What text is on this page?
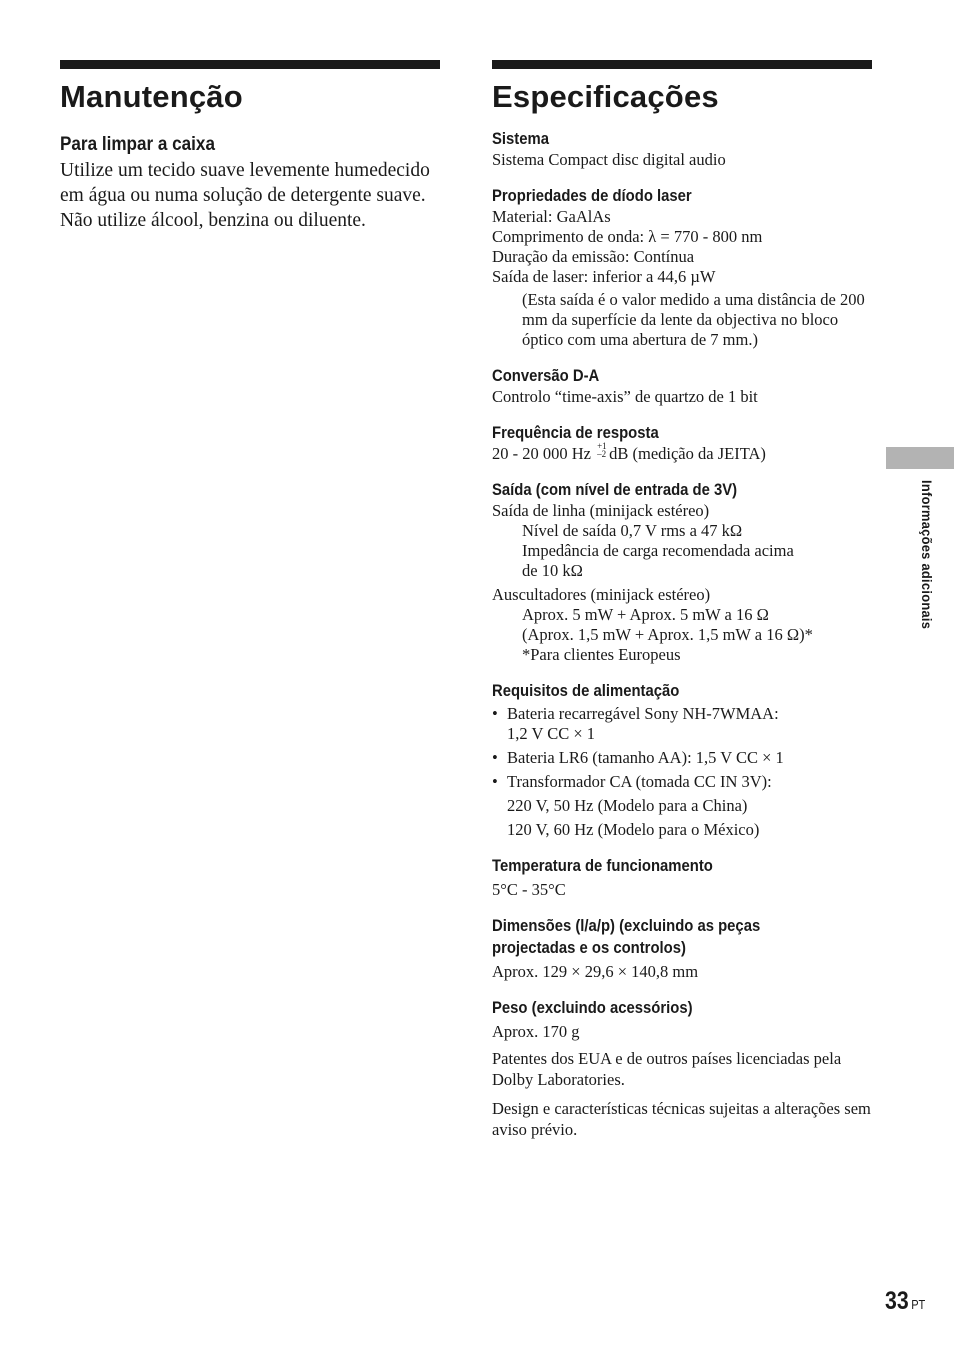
Manutenção
Para limpar a caixa

Utilize um tecido suave levemente humedecido em água ou numa solução de detergente suave. Não utilize álcool, benzina ou diluente.

Especificações
Sistema

Sistema Compact disc digital audio

Propriedades de díodo laser

Material: GaAlAs

Comprimento de onda: λ = 770 - 800 nm

Duração da emissão: Contínua

Saída de laser: inferior a 44,6 µW

(Esta saída é o valor medido a uma distância de 200 mm da superfície da lente da objectiva no bloco óptico com uma abertura de 7 mm.)

Conversão D-A

Controlo “time-axis” de quartzo de 1 bit

Frequência de resposta

20 - 20 000 Hz +1
–2 dB (medição da JEITA)

Saída (com nível de entrada de 3V)

Saída de linha (minijack estéreo)

Nível de saída 0,7 V rms a 47 kΩ

Impedância de carga recomendada acima

de 10 kΩ

Auscultadores (minijack estéreo)

Aprox. 5 mW + Aprox. 5 mW a 16 Ω

(Aprox. 1,5 mW + Aprox. 1,5 mW a 16 Ω)*

*Para clientes Europeus

Requisitos de alimentação
• Bateria recarregável Sony NH-7WMAA:
1,2 V CC × 1
• Bateria LR6 (tamanho AA): 1,5 V CC × 1
• Transformador CA (tomada CC IN 3V):
220 V, 50 Hz (Modelo para a China)
120 V, 60 Hz (Modelo para o México)
Temperatura de funcionamento

5°C - 35°C

Dimensões (l/a/p) (excluindo as peças
projectadas e os controlos)

Aprox. 129 × 29,6 × 140,8 mm

Peso (excluindo acessórios)

Aprox. 170 g

Patentes dos EUA e de outros países licenciadas pela Dolby Laboratories.

Design e características técnicas sujeitas a alterações sem aviso prévio.

Informações adicionais
33 PT
